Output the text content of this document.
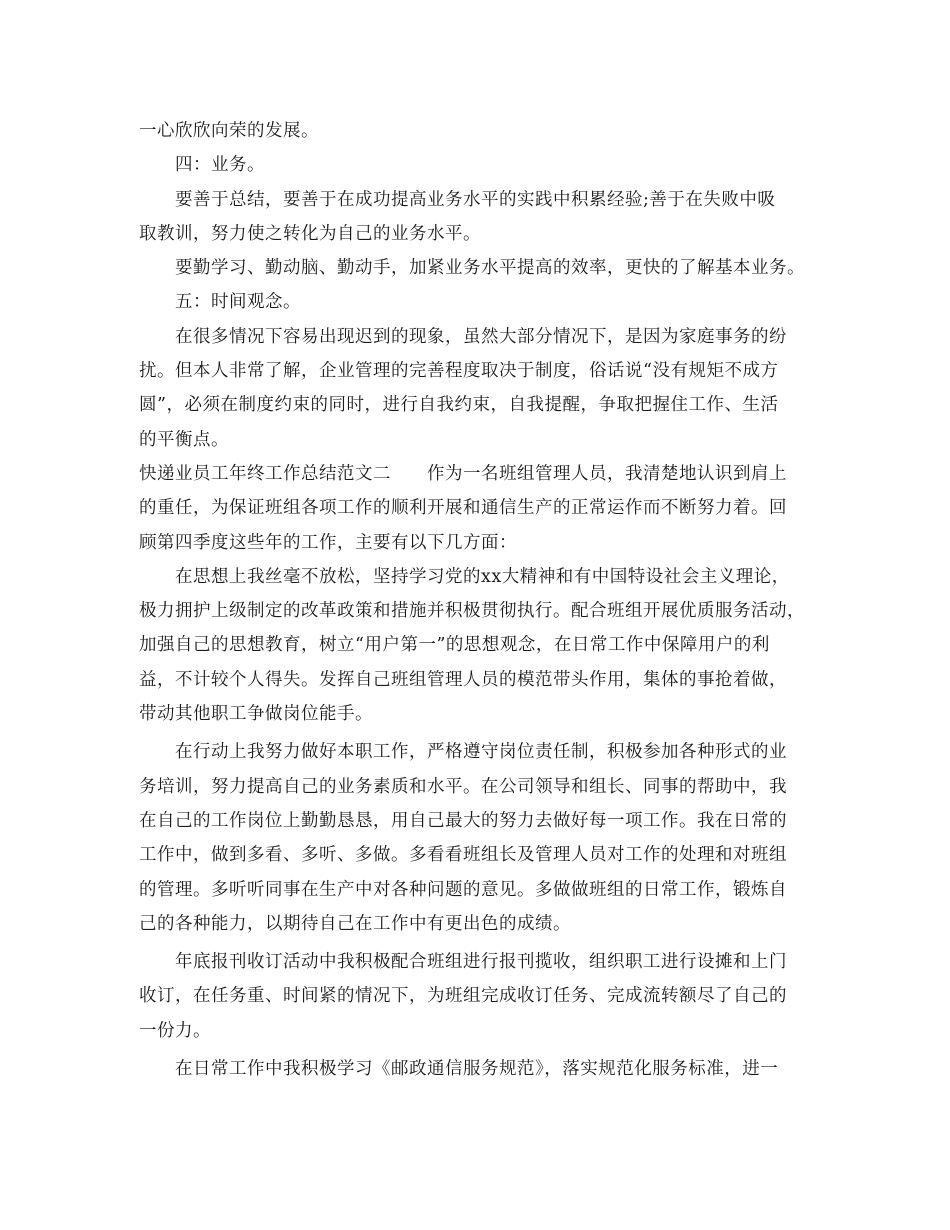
一心欣欣向荣的发展。
四：业务。
要善于总结，要善于在成功提高业务水平的实践中积累经验;善于在失败中吸
取教训，努力使之转化为自己的业务水平。
要勤学习、勤动脑、勤动手，加紧业务水平提高的效率，更快的了解基本业务。
五：时间观念。
在很多情况下容易出现迟到的现象，虽然大部分情况下，是因为家庭事务的纷
扰。但本人非常了解，企业管理的完善程度取决于制度，俗话说“没有规矩不成方
圆”，必须在制度约束的同时，进行自我约束，自我提醒，争取把握住工作、生活
的平衡点。
快递业员工年终工作总结范文二　　作为一名班组管理人员，我清楚地认识到肩上
的重任，为保证班组各项工作的顺利开展和通信生产的正常运作而不断努力着。回
顾第四季度这些年的工作，主要有以下几方面：
在思想上我丝毫不放松，坚持学习党的xx大精神和有中国特设社会主义理论，
极力拥护上级制定的改革政策和措施并积极贯彻执行。配合班组开展优质服务活动，
加强自己的思想教育，树立“用户第一”的思想观念，在日常工作中保障用户的利
益，不计较个人得失。发挥自己班组管理人员的模范带头作用，集体的事抢着做，
带动其他职工争做岗位能手。
在行动上我努力做好本职工作，严格遵守岗位责任制，积极参加各种形式的业
务培训，努力提高自己的业务素质和水平。在公司领导和组长、同事的帮助中，我
在自己的工作岗位上勤勤恳恳，用自己最大的努力去做好每一项工作。我在日常的
工作中，做到多看、多听、多做。多看看班组长及管理人员对工作的处理和对班组
的管理。多听听同事在生产中对各种问题的意见。多做做班组的日常工作，锻炼自
己的各种能力，以期待自己在工作中有更出色的成绩。
年底报刊收订活动中我积极配合班组进行报刊揽收，组织职工进行设摊和上门
收订，在任务重、时间紧的情况下，为班组完成收订任务、完成流转额尽了自己的
一份力。
在日常工作中我积极学习《邮政通信服务规范》，落实规范化服务标准，进一
